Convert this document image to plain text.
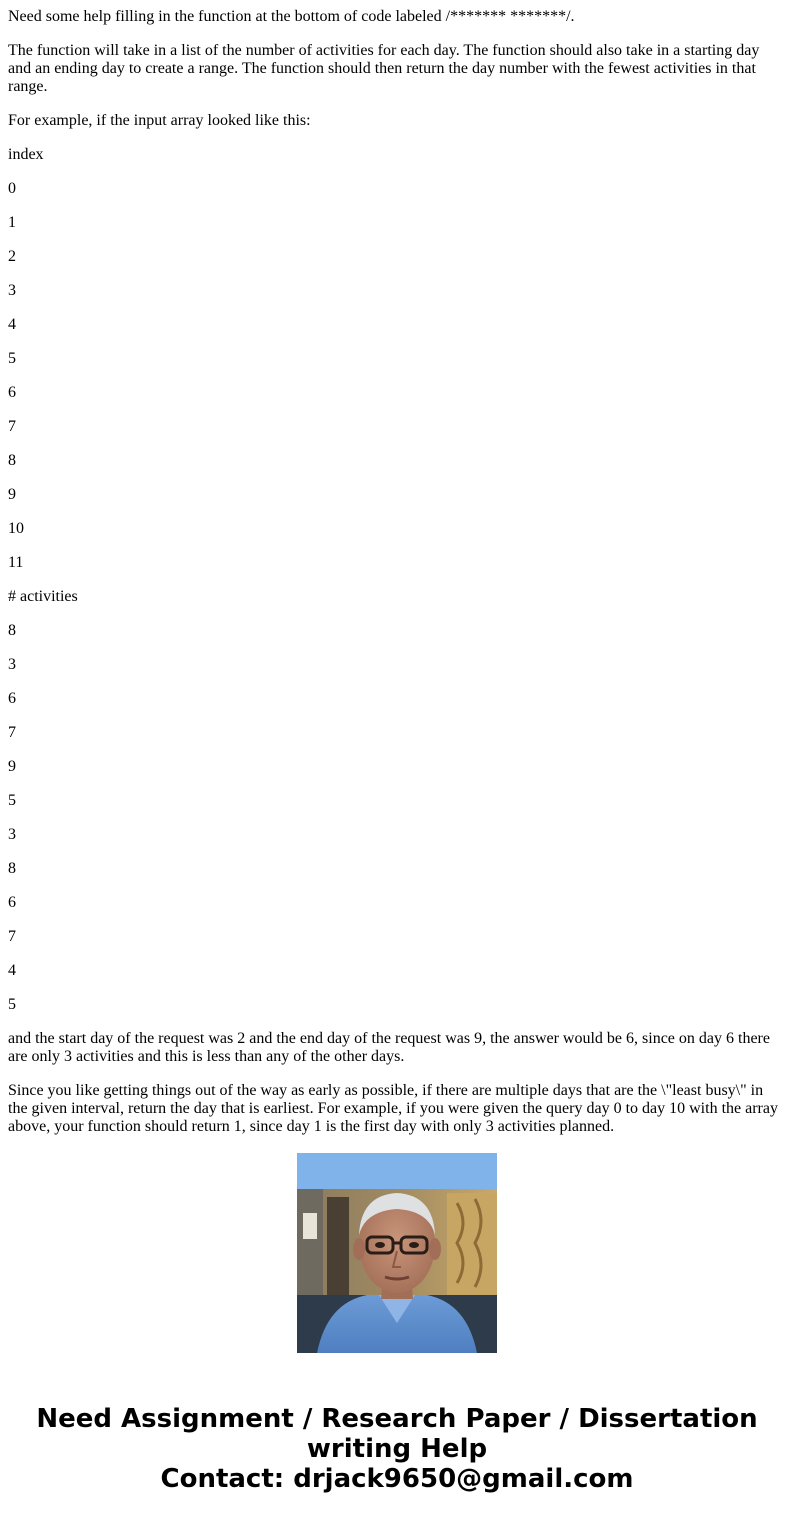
Need some help filling in the function at the bottom of code labeled /******* *******/.

The function will take in a list of the number of activities for each day. The function should also take in a starting day and an ending day to create a range. The function should then return the day number with the fewest activities in that range.

For example, if the input array looked like this:

index

0

1

2

3

4

5

6

7

8

9

10

11

# activities

8

3

6

7

9

5

3

8

6

7

4

5

and the start day of the request was 2 and the end day of the request was 9, the answer would be 6, since on day 6 there are only 3 activities and this is less than any of the other days.

Since you like getting things out of the way as early as possible, if there are multiple days that are the \"least busy\" in the given interval, return the day that is earliest. For example, if you were given the query day 0 to day 10 with the array above, your function should return 1, since day 1 is the first day with only 3 activities planned.

Need Assignment / Research Paper / Dissertation
writing Help
Contact: drjack9650@gmail.com
